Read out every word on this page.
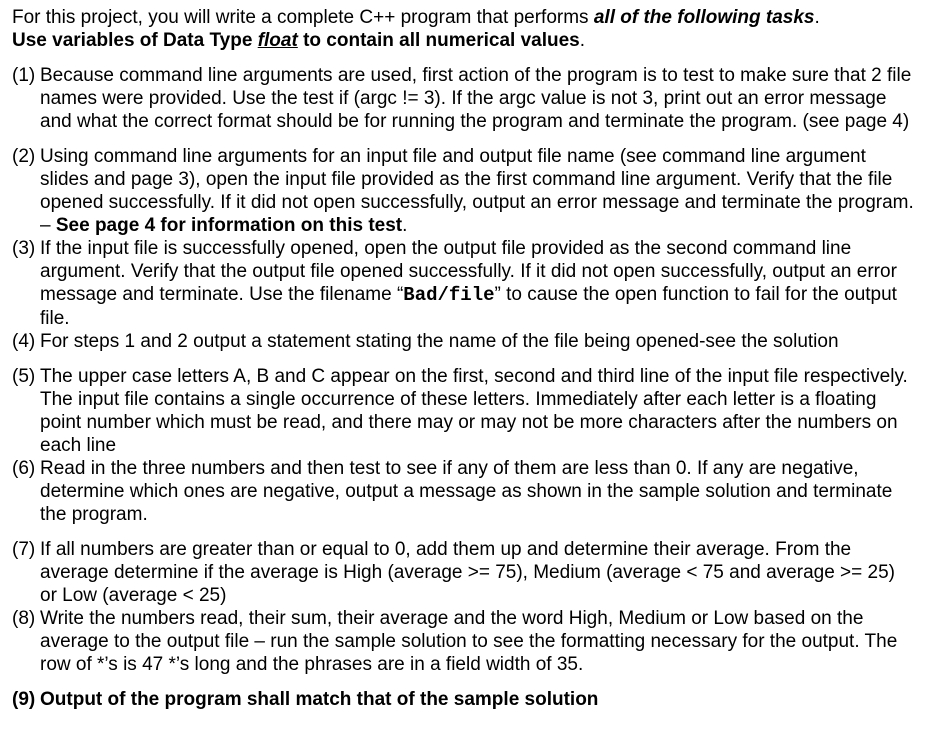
For this project, you will write a complete C++ program that performs all of the following tasks.

Use variables of Data Type float to contain all numerical values.

(1) Because command line arguments are used, first action of the program is to test to make sure that 2 file names were provided. Use the test if (argc != 3). If the argc value is not 3, print out an error message and what the correct format should be for running the program and terminate the program. (see page 4)
(2) Using command line arguments for an input file and output file name (see command line argument slides and page 3), open the input file provided as the first command line argument. Verify that the file opened successfully. If it did not open successfully, output an error message and terminate the program. – See page 4 for information on this test.
(3) If the input file is successfully opened, open the output file provided as the second command line argument. Verify that the output file opened successfully. If it did not open successfully, output an error message and terminate. Use the filename “Bad/file” to cause the open function to fail for the output file.
(4) For steps 1 and 2 output a statement stating the name of the file being opened-see the solution
(5) The upper case letters A, B and C appear on the first, second and third line of the input file respectively. The input file contains a single occurrence of these letters. Immediately after each letter is a floating point number which must be read, and there may or may not be more characters after the numbers on each line
(6) Read in the three numbers and then test to see if any of them are less than 0. If any are negative, determine which ones are negative, output a message as shown in the sample solution and terminate the program.
(7) If all numbers are greater than or equal to 0, add them up and determine their average. From the average determine if the average is High (average >= 75), Medium (average < 75 and average >= 25) or Low (average < 25)
(8) Write the numbers read, their sum, their average and the word High, Medium or Low based on the average to the output file – run the sample solution to see the formatting necessary for the output. The row of *’s is 47 *’s long and the phrases are in a field width of 35.
(9) Output of the program shall match that of the sample solution
